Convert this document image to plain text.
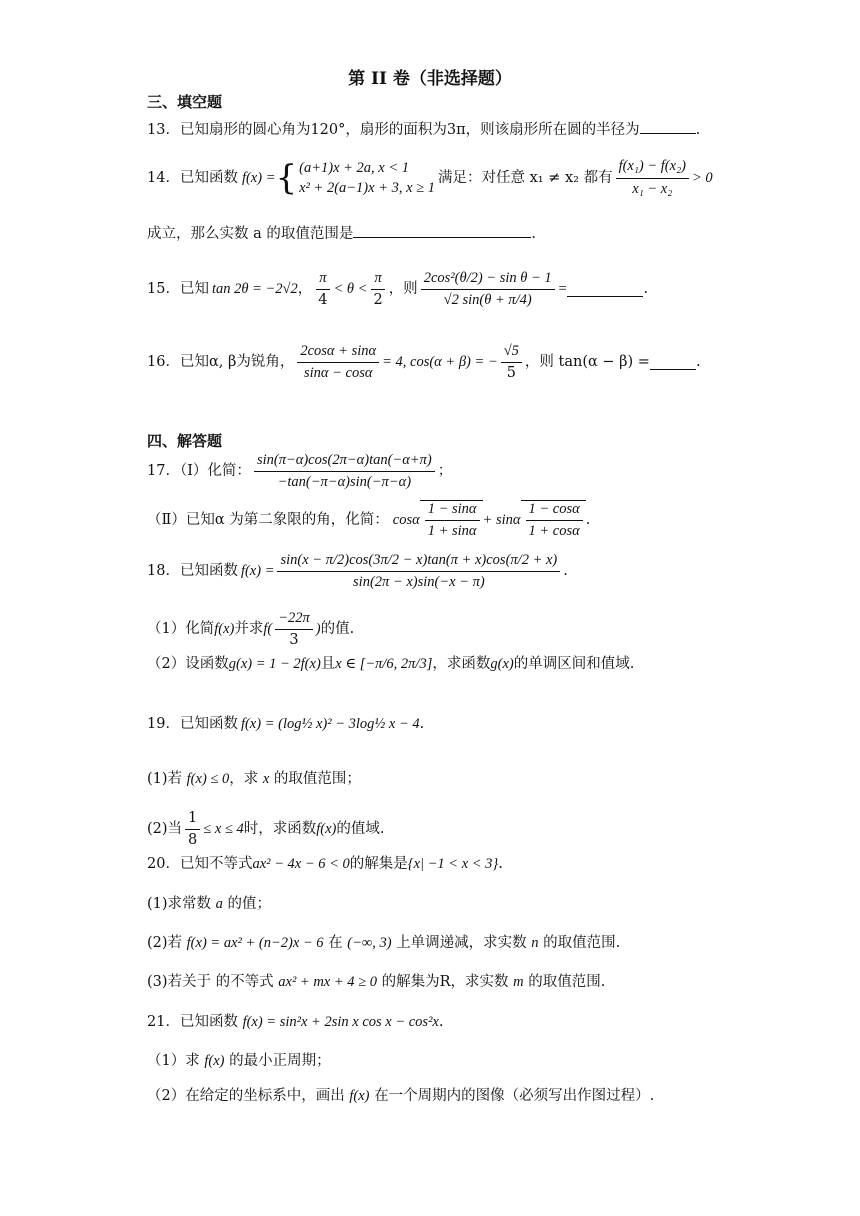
第 II 卷（非选择题）
三、填空题
13．已知扇形的圆心角为120°，扇形的面积为3π，则该扇形所在圆的半径为	.
14．已知函数 f(x) = { (a+1)x + 2a, x < 1
x² + 2(a−1)x + 3, x ≥ 1
满足：对任意 x₁ ≠ x₂ 都有 $\frac{\text{f(x₁) − f(x₂)}}{\text{x₁ − x₂}} > 0$
成立，那么实数 a 的取值范围是	.
15．已知 tan 2θ = −2√2 ， $\frac{\pi}{4} < \theta < \frac{\pi}{2}$ ，则 $\frac{\text{2cos²(θ/2) − sin θ − 1}}{√2 \sin(\theta + \pi/4)}$ =	.
16．已知α, β为锐角， $\frac{2\cos\alpha + \sin\alpha}{\sin\alpha - \cos\alpha} = 4$, cos(α + β) = − $\frac{√5}{5}$ ，则 tan(α − β) =	.
四、解答题
17．（Ⅰ）化简： $\frac{\sin(\pi-\alpha)\cos(2\pi-\alpha)\tan(-\alpha+\pi)}{-\tan(-\pi-\alpha)\sin(-\pi-\alpha)}$ ；
（Ⅱ）已知α 为第二象限的角，化简： cosα $\frac{1 - \sin\alpha}{1 + \sin\alpha} + \sin\alpha \frac{1 - \cos\alpha}{1 + \cos\alpha}$ .
18．已知函数 $f(x) = \frac{\sin(x - \pi/2)\cos(3\pi/2 - x)\tan(\pi + x)\cos(\pi/2 + x)}{\sin(2\pi - x)\sin(-x - \pi)}$ .
（1）化简 f(x) 并求 $f( \frac{-22\pi}{3}$ ) 的值.
（2）设函数 g(x) = 1 − 2f(x) 且 x ∈ [−π/6, 2π/3] ，求函数 g(x) 的单调区间和值域.
19．已知函数 f(x) = (log½ x)² − 3log½ x − 4.
(1)若 f(x) ≤ 0，求 x 的取值范围；
(2)当 $\frac{1}{8} \le x \le 4$ 时，求函数 f(x) 的值域.
20．已知不等式ax² − 4x − 6 < 0的解集是{x| −1 < x < 3}.
(1)求常数 a 的值；
(2)若 f(x) = ax² + (n−2)x − 6 在 (−∞, 3) 上单调递减，求实数 n 的取值范围.
(3)若关于 的不等式 ax² + mx + 4 ≥ 0 的解集为R，求实数 m 的取值范围.
21．已知函数 f(x) = sin²x + 2sin x cos x − cos²x.
（1）求 f(x) 的最小正周期；
（2）在给定的坐标系中，画出 f(x) 在一个周期内的图像（必须写出作图过程）.
